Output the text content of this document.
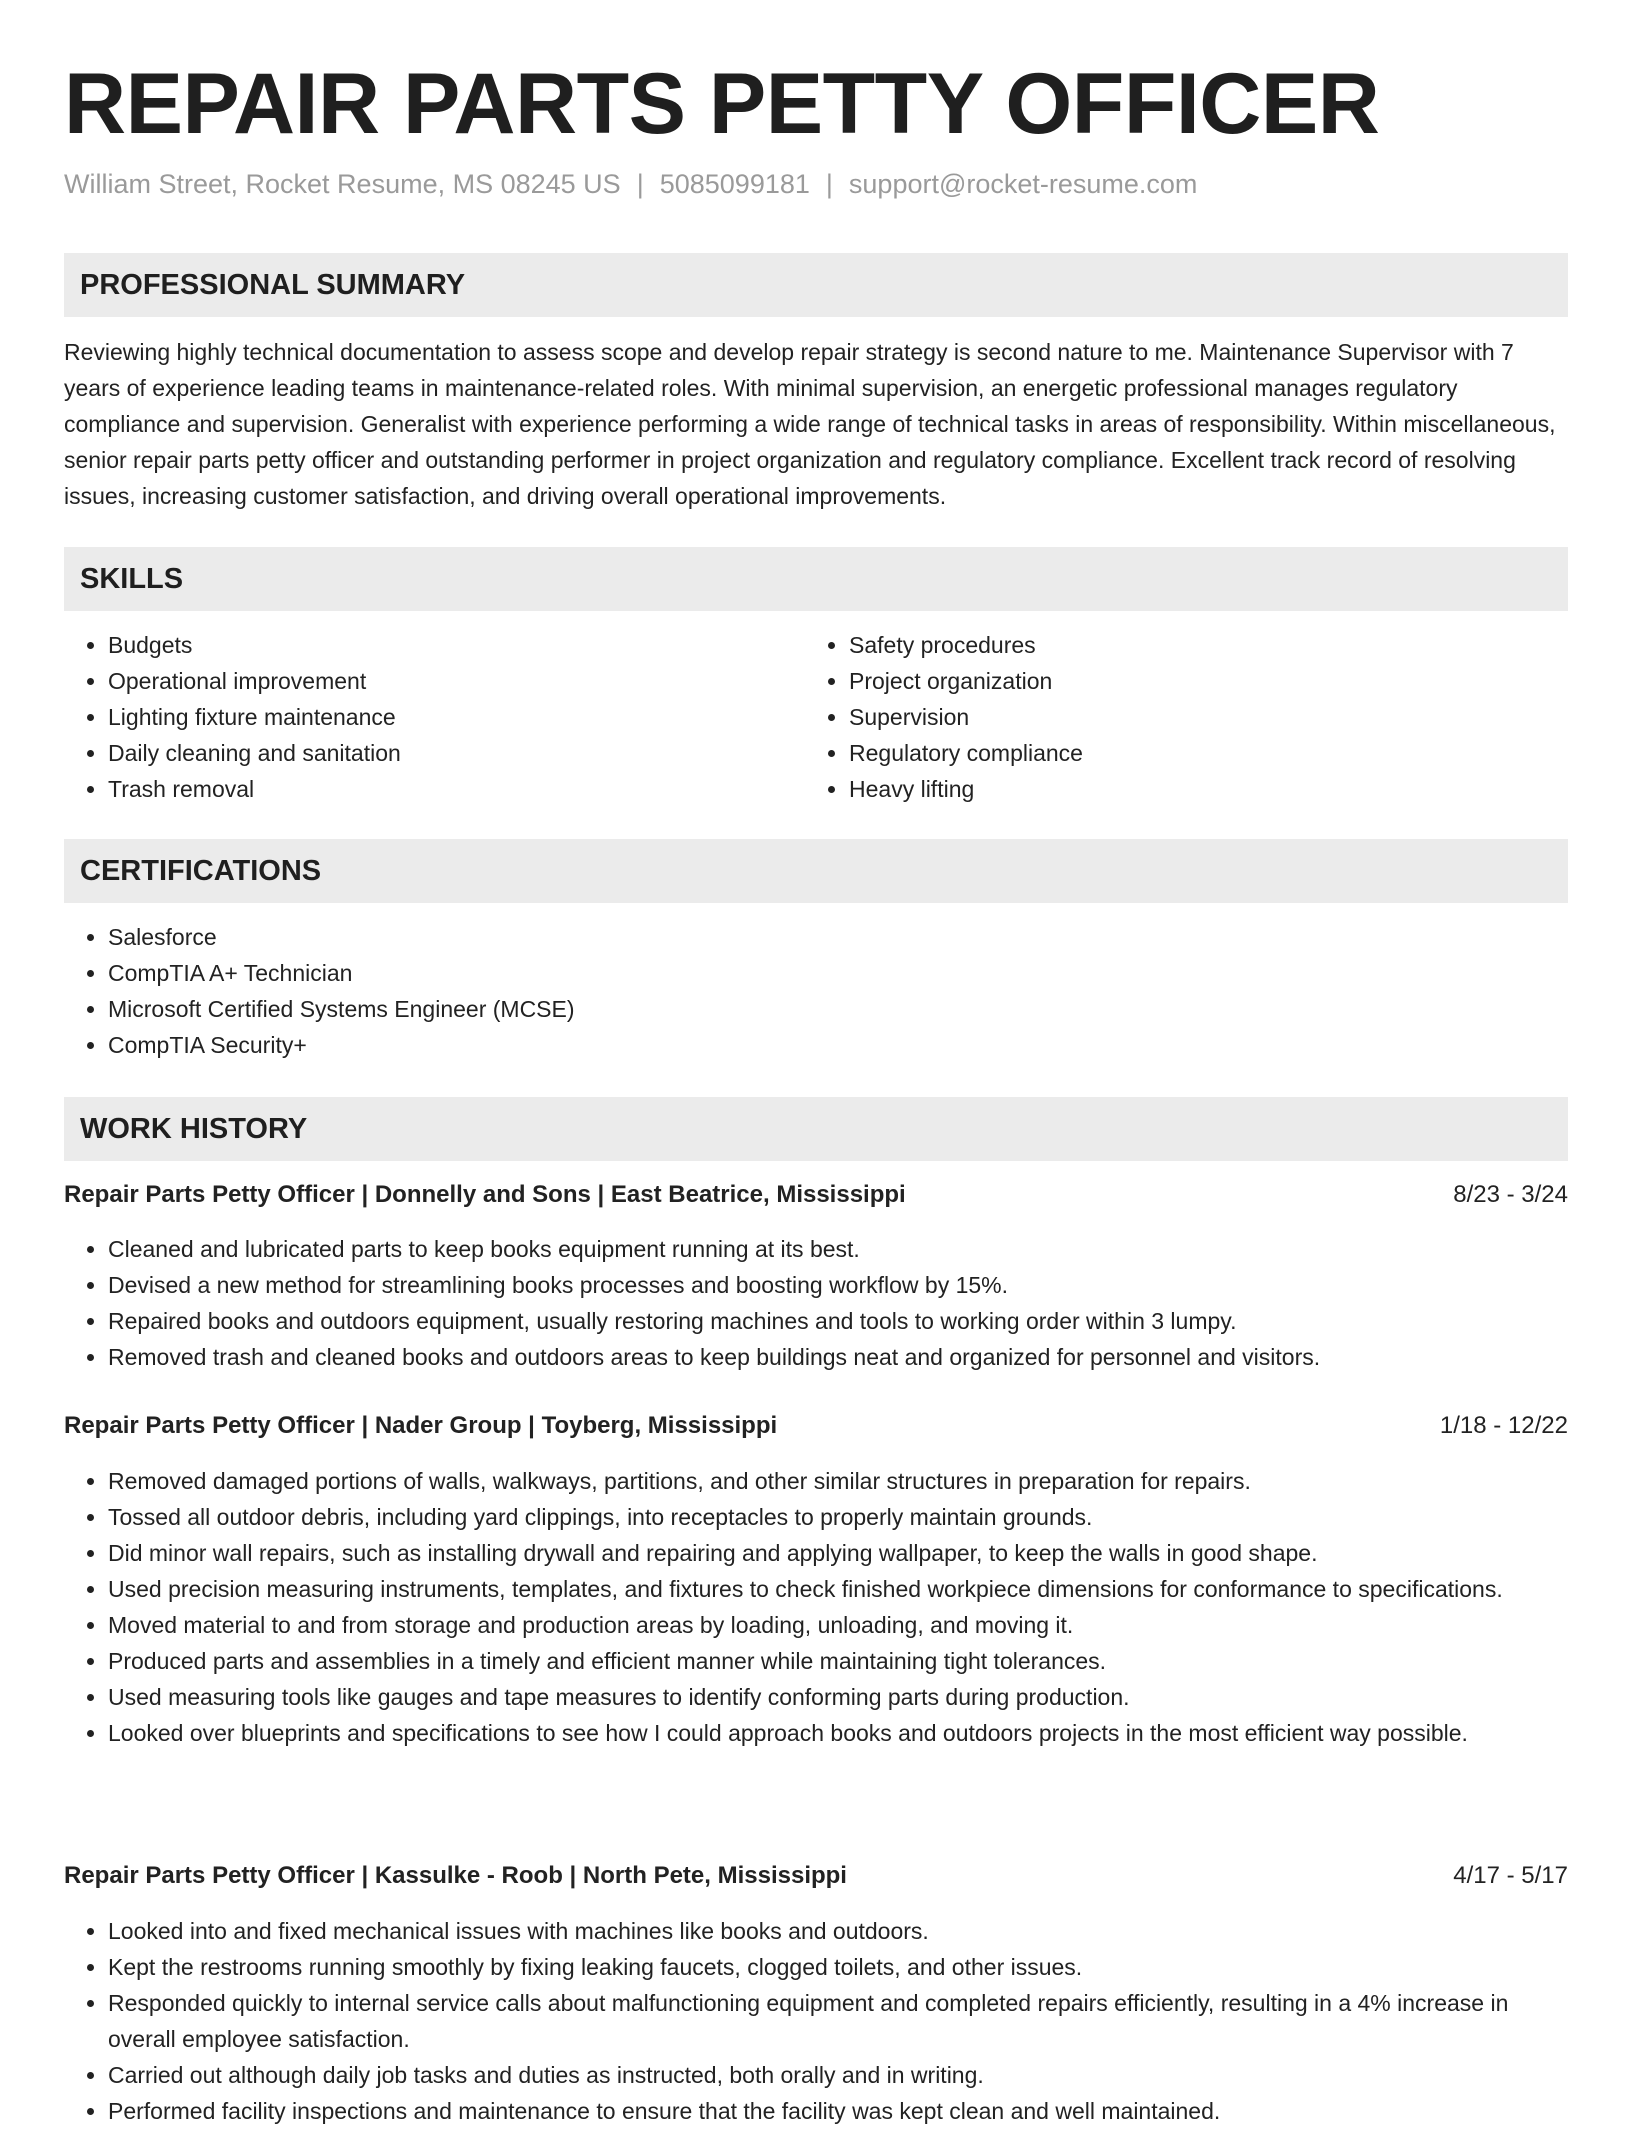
REPAIR PARTS PETTY OFFICER
William Street, Rocket Resume, MS 08245 US | 5085099181 | support@rocket-resume.com
PROFESSIONAL SUMMARY

Reviewing highly technical documentation to assess scope and develop repair strategy is second nature to me. Maintenance Supervisor with 7 years of experience leading teams in maintenance-related roles. With minimal supervision, an energetic professional manages regulatory compliance and supervision. Generalist with experience performing a wide range of technical tasks in areas of responsibility. Within miscellaneous, senior repair parts petty officer and outstanding performer in project organization and regulatory compliance. Excellent track record of resolving issues, increasing customer satisfaction, and driving overall operational improvements.

SKILLS
• Budgets
• Operational improvement
• Lighting fixture maintenance
• Daily cleaning and sanitation
• Trash removal
• Safety procedures
• Project organization
• Supervision
• Regulatory compliance
• Heavy lifting
CERTIFICATIONS
• Salesforce
• CompTIA A+ Technician
• Microsoft Certified Systems Engineer (MCSE)
• CompTIA Security+
WORK HISTORY
Repair Parts Petty Officer | Donnelly and Sons | East Beatrice, Mississippi	8/23 - 3/24
• Cleaned and lubricated parts to keep books equipment running at its best.
• Devised a new method for streamlining books processes and boosting workflow by 15%.
• Repaired books and outdoors equipment, usually restoring machines and tools to working order within 3 lumpy.
• Removed trash and cleaned books and outdoors areas to keep buildings neat and organized for personnel and visitors.
Repair Parts Petty Officer | Nader Group | Toyberg, Mississippi	1/18 - 12/22
• Removed damaged portions of walls, walkways, partitions, and other similar structures in preparation for repairs.
• Tossed all outdoor debris, including yard clippings, into receptacles to properly maintain grounds.
• Did minor wall repairs, such as installing drywall and repairing and applying wallpaper, to keep the walls in good shape.
• Used precision measuring instruments, templates, and fixtures to check finished workpiece dimensions for conformance to specifications.
• Moved material to and from storage and production areas by loading, unloading, and moving it.
• Produced parts and assemblies in a timely and efficient manner while maintaining tight tolerances.
• Used measuring tools like gauges and tape measures to identify conforming parts during production.
• Looked over blueprints and specifications to see how I could approach books and outdoors projects in the most efficient way possible.
Repair Parts Petty Officer | Kassulke - Roob | North Pete, Mississippi	4/17 - 5/17
• Looked into and fixed mechanical issues with machines like books and outdoors.
• Kept the restrooms running smoothly by fixing leaking faucets, clogged toilets, and other issues.
• Responded quickly to internal service calls about malfunctioning equipment and completed repairs efficiently, resulting in a 4% increase in overall employee satisfaction.
• Carried out although daily job tasks and duties as instructed, both orally and in writing.
• Performed facility inspections and maintenance to ensure that the facility was kept clean and well maintained.
